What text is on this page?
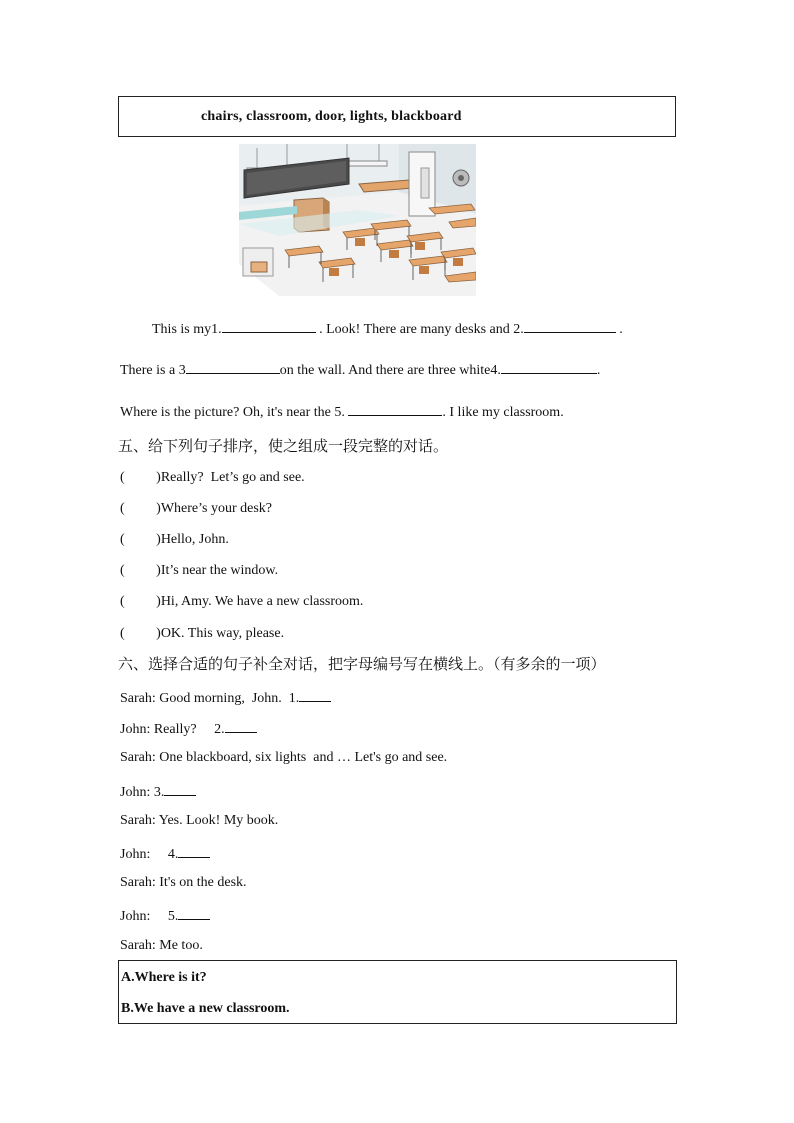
chairs, classroom, door, lights, blackboard
This is my1.	. Look! There are many desks and 2.	.
There is a 3	on the wall. And there are three white4.	.
Where is the picture? Oh, it's near the 5.	. I like my classroom.
五、给下列句子排序，使之组成一段完整的对话。
(         )Really?  Let’s go and see.
(         )Where’s your desk?
(         )Hello, John.
(         )It’s near the window.
(         )Hi, Amy. We have a new classroom.
(         )OK. This way, please.
六、选择合适的句子补全对话，把字母编号写在横线上。（有多余的一项）
Sarah: Good morning,  John.  1.
John: Really?     2.
Sarah: One blackboard, six lights  and … Let's go and see.
John: 3.
Sarah: Yes. Look! My book.
John:     4.
Sarah: It's on the desk.
John:     5.
Sarah: Me too.
A.Where is it?
B.We have a new classroom.
